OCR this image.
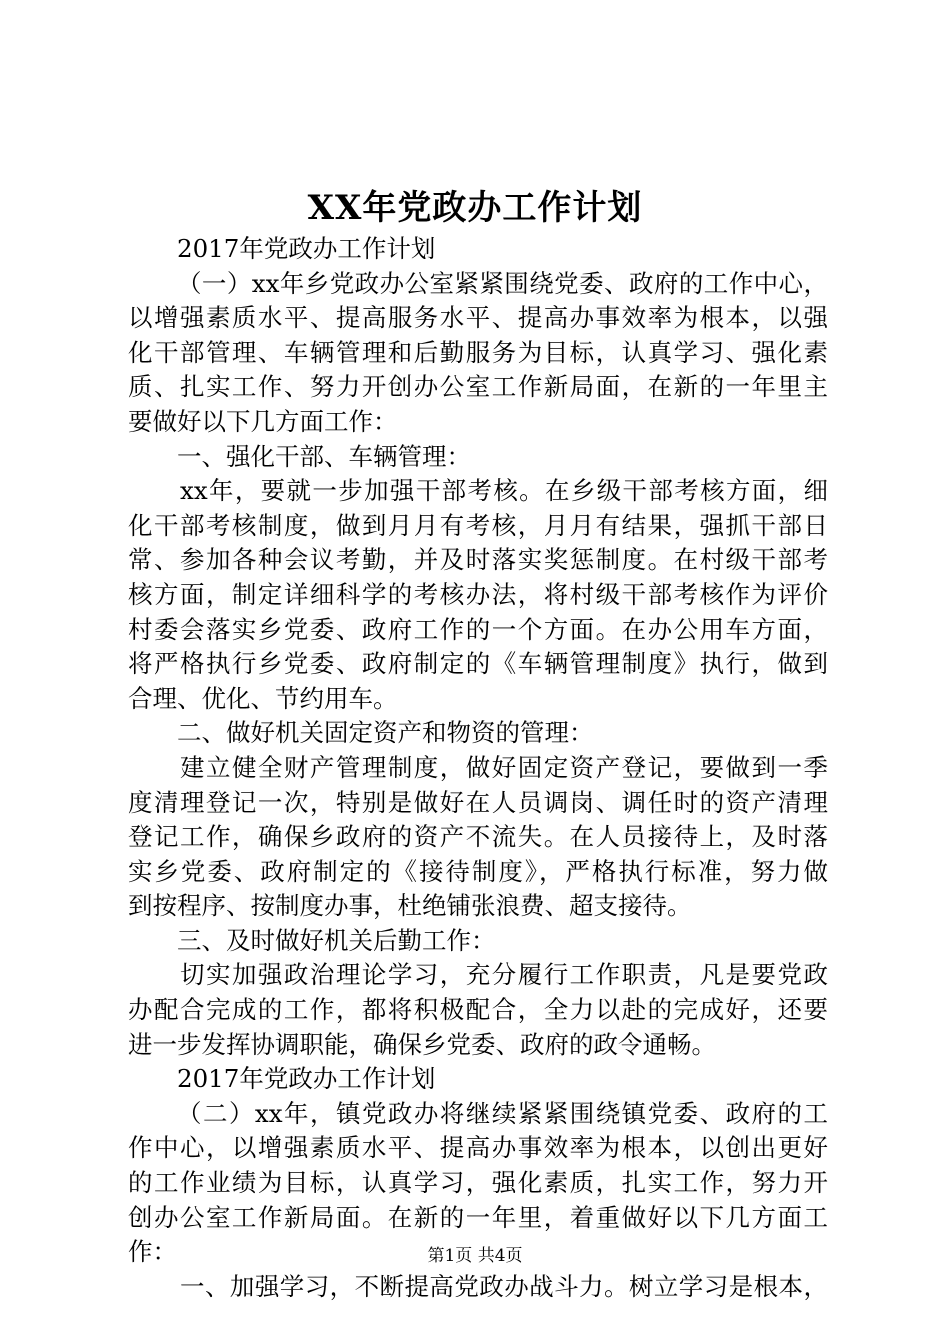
XX年党政办工作计划
2017年党政办工作计划
（一）xx年乡党政办公室紧紧围绕党委、政府的工作中心，
以增强素质水平、提高服务水平、提高办事效率为根本，以强
化干部管理、车辆管理和后勤服务为目标，认真学习、强化素
质、扎实工作、努力开创办公室工作新局面，在新的一年里主
要做好以下几方面工作：
一、强化干部、车辆管理：
xx年，要就一步加强干部考核。在乡级干部考核方面，细
化干部考核制度，做到月月有考核，月月有结果，强抓干部日
常、参加各种会议考勤，并及时落实奖惩制度。在村级干部考
核方面，制定详细科学的考核办法，将村级干部考核作为评价
村委会落实乡党委、政府工作的一个方面。在办公用车方面，
将严格执行乡党委、政府制定的《车辆管理制度》执行，做到
合理、优化、节约用车。
二、做好机关固定资产和物资的管理：
建立健全财产管理制度，做好固定资产登记，要做到一季
度清理登记一次，特别是做好在人员调岗、调任时的资产清理
登记工作，确保乡政府的资产不流失。在人员接待上，及时落
实乡党委、政府制定的《接待制度》，严格执行标准，努力做
到按程序、按制度办事，杜绝铺张浪费、超支接待。
三、及时做好机关后勤工作：
切实加强政治理论学习，充分履行工作职责，凡是要党政
办配合完成的工作，都将积极配合，全力以赴的完成好，还要
进一步发挥协调职能，确保乡党委、政府的政令通畅。
2017年党政办工作计划
（二）xx年，镇党政办将继续紧紧围绕镇党委、政府的工
作中心，以增强素质水平、提高办事效率为根本，以创出更好
的工作业绩为目标，认真学习，强化素质，扎实工作，努力开
创办公室工作新局面。在新的一年里，着重做好以下几方面工
作：
一、加强学习，不断提高党政办战斗力。树立学习是根本，
第1页 共4页
